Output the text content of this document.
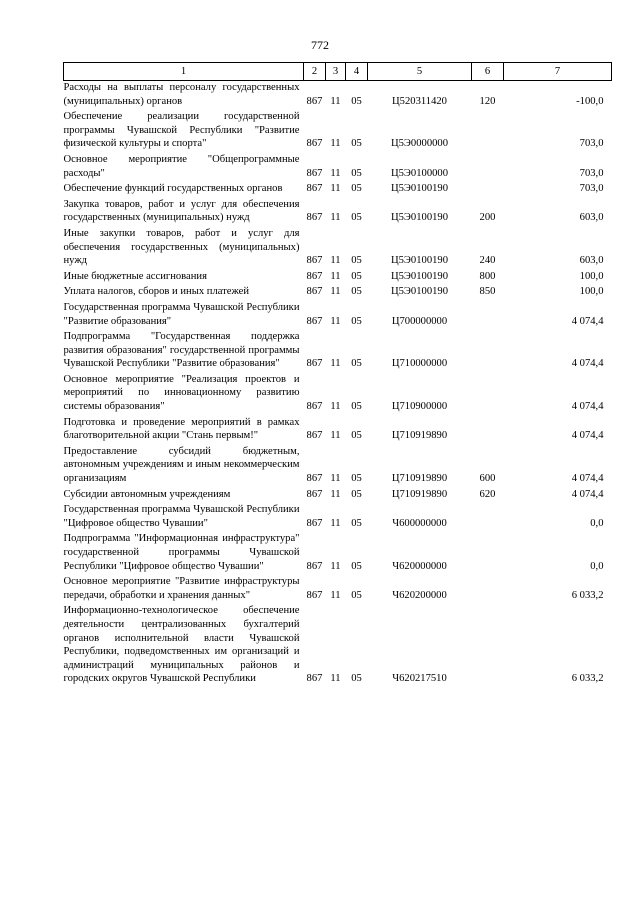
772
1	2	3	4	5	6	7
Расходы на выплаты персоналу государственных (муниципальных) органов	867	11	05	Ц520311420	120	-100,0
Обеспечение реализации государственной программы Чувашской Республики "Развитие физической культуры и спорта"	867	11	05	Ц5Э0000000		703,0
Основное мероприятие "Общепрограммные расходы"	867	11	05	Ц5Э0100000		703,0
Обеспечение функций государственных органов	867	11	05	Ц5Э0100190		703,0
Закупка товаров, работ и услуг для обеспечения государственных (муниципальных) нужд	867	11	05	Ц5Э0100190	200	603,0
Иные закупки товаров, работ и услуг для обеспечения государственных (муниципальных) нужд	867	11	05	Ц5Э0100190	240	603,0
Иные бюджетные ассигнования	867	11	05	Ц5Э0100190	800	100,0
Уплата налогов, сборов и иных платежей	867	11	05	Ц5Э0100190	850	100,0
Государственная программа Чувашской Республики "Развитие образования"	867	11	05	Ц700000000		4 074,4
Подпрограмма "Государственная поддержка развития образования" государственной программы Чувашской Республики "Развитие образования"	867	11	05	Ц710000000		4 074,4
Основное мероприятие "Реализация проектов и мероприятий по инновационному развитию системы образования"	867	11	05	Ц710900000		4 074,4
Подготовка и проведение мероприятий в рамках благотворительной акции "Стань первым!"	867	11	05	Ц710919890		4 074,4
Предоставление субсидий бюджетным, автономным учреждениям и иным некоммерческим организациям	867	11	05	Ц710919890	600	4 074,4
Субсидии автономным учреждениям	867	11	05	Ц710919890	620	4 074,4
Государственная программа Чувашской Республики "Цифровое общество Чувашии"	867	11	05	Ч600000000		0,0
Подпрограмма "Информационная инфраструктура" государственной программы Чувашской Республики "Цифровое общество Чувашии"	867	11	05	Ч620000000		0,0
Основное мероприятие "Развитие инфраструктуры передачи, обработки и хранения данных"	867	11	05	Ч620200000		6 033,2
Информационно-технологическое обеспечение деятельности централизованных бухгалтерий органов исполнительной власти Чувашской Республики, подведомственных им организаций и администраций муниципальных районов и городских округов Чувашской Республики	867	11	05	Ч620217510		6 033,2
